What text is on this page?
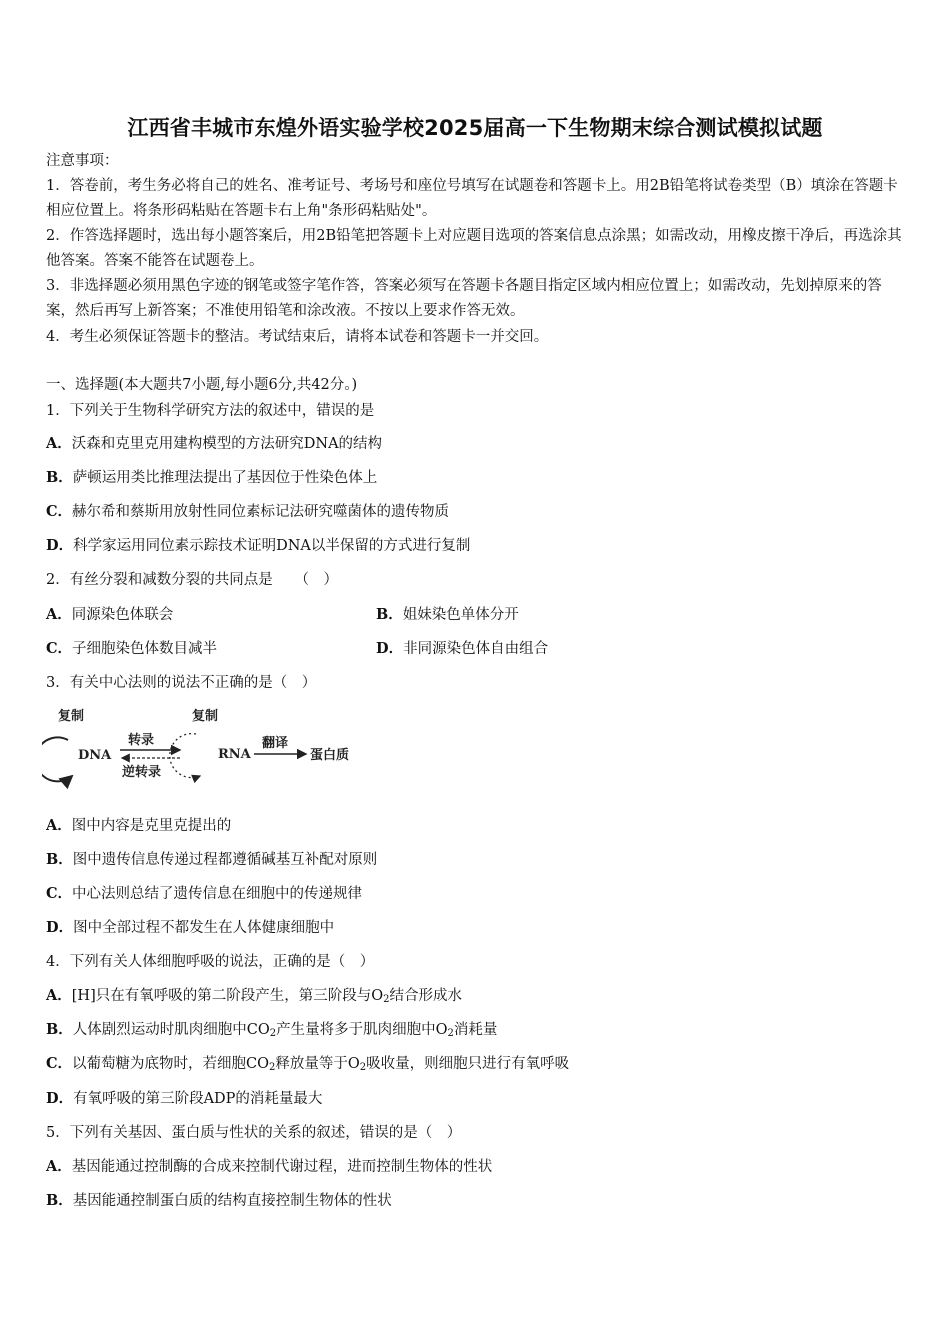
江西省丰城市东煌外语实验学校2025届高一下生物期末综合测试模拟试题
注意事项：
1．答卷前，考生务必将自己的姓名、准考证号、考场号和座位号填写在试题卷和答题卡上。用2B铅笔将试卷类型（B）填涂在答题卡相应位置上。将条形码粘贴在答题卡右上角"条形码粘贴处"。
2．作答选择题时，选出每小题答案后，用2B铅笔把答题卡上对应题目选项的答案信息点涂黑；如需改动，用橡皮擦干净后，再选涂其他答案。答案不能答在试题卷上。
3．非选择题必须用黑色字迹的钢笔或签字笔作答，答案必须写在答题卡各题目指定区域内相应位置上；如需改动，先划掉原来的答案，然后再写上新答案；不准使用铅笔和涂改液。不按以上要求作答无效。
4．考生必须保证答题卡的整洁。考试结束后，请将本试卷和答题卡一并交回。
一、选择题(本大题共7小题,每小题6分,共42分。)
1．下列关于生物科学研究方法的叙述中，错误的是
A．沃森和克里克用建构模型的方法研究DNA的结构
B．萨顿运用类比推理法提出了基因位于性染色体上
C．赫尔希和蔡斯用放射性同位素标记法研究噬菌体的遗传物质
D．科学家运用同位素示踪技术证明DNA以半保留的方式进行复制
2．有丝分裂和减数分裂的共同点是　　（　）
A．同源染色体联会	B．姐妹染色单体分开
C．子细胞染色体数目减半	D．非同源染色体自由组合
3．有关中心法则的说法不正确的是（　）
复制
DNA
转录
逆转录
复制
RNA
翻译
蛋白质
A．图中内容是克里克提出的
B．图中遗传信息传递过程都遵循碱基互补配对原则
C．中心法则总结了遗传信息在细胞中的传递规律
D．图中全部过程不都发生在人体健康细胞中
4．下列有关人体细胞呼吸的说法，正确的是（　）
A．[H]只在有氧呼吸的第二阶段产生，第三阶段与$O_2$结合形成水
B．人体剧烈运动时肌肉细胞中$CO_2$产生量将多于肌肉细胞中$O_2$消耗量
C．以葡萄糖为底物时，若细胞$CO_2$释放量等于$O_2$吸收量，则细胞只进行有氧呼吸
D．有氧呼吸的第三阶段ADP的消耗量最大
5．下列有关基因、蛋白质与性状的关系的叙述，错误的是（　）
A．基因能通过控制酶的合成来控制代谢过程，进而控制生物体的性状
B．基因能通控制蛋白质的结构直接控制生物体的性状
